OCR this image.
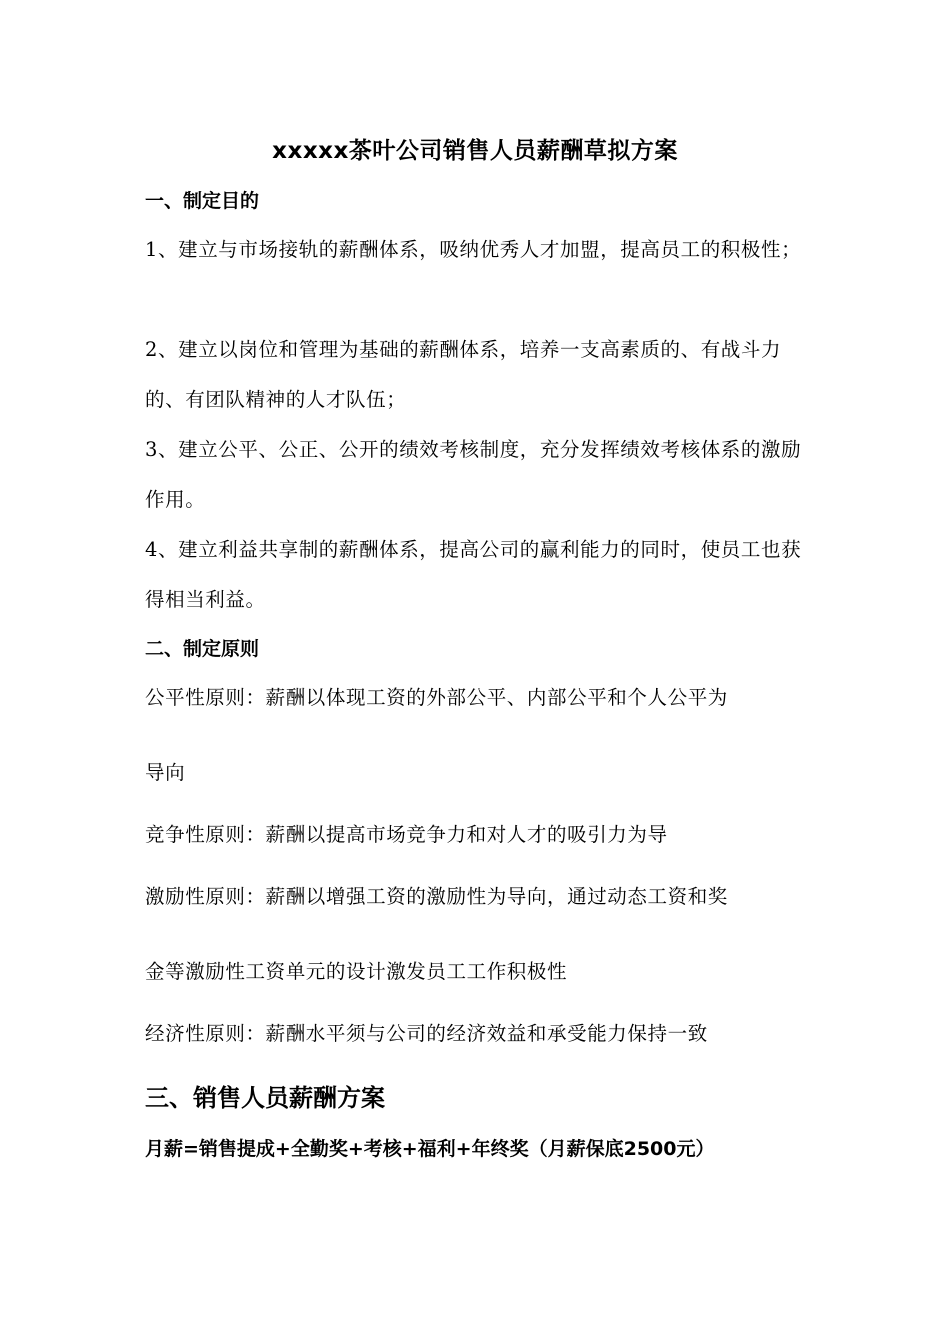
xxxxx茶叶公司销售人员薪酬草拟方案
一、制定目的
1、建立与市场接轨的薪酬体系，吸纳优秀人才加盟，提高员工的积极性；
2、建立以岗位和管理为基础的薪酬体系，培养一支高素质的、有战斗力的、有团队精神的人才队伍；
3、建立公平、公正、公开的绩效考核制度，充分发挥绩效考核体系的激励作用。
4、建立利益共享制的薪酬体系，提高公司的赢利能力的同时，使员工也获得相当利益。
二、制定原则
公平性原则：薪酬以体现工资的外部公平、内部公平和个人公平为
导向
竞争性原则：薪酬以提高市场竞争力和对人才的吸引力为导
激励性原则：薪酬以增强工资的激励性为导向，通过动态工资和奖
金等激励性工资单元的设计激发员工工作积极性
经济性原则：薪酬水平须与公司的经济效益和承受能力保持一致
三、销售人员薪酬方案
月薪=销售提成+全勤奖+考核+福利+年终奖（月薪保底2500元）
